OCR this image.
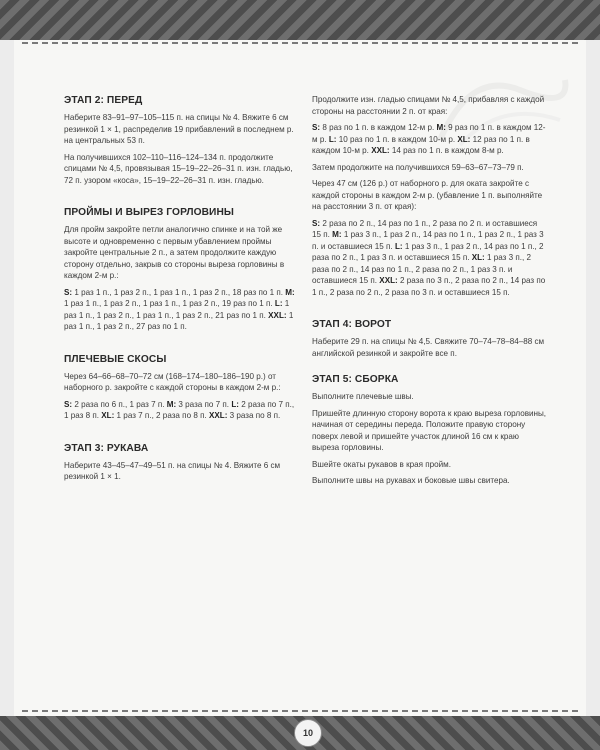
ЭТАП 2: ПЕРЕД

Наберите 83–91–97–105–115 п. на спицы № 4. Вяжите 6 см резинкой 1 × 1, распределив 19 прибавлений в последнем р. на центральных 53 п.

На получившихся 102–110–116–124–134 п. продолжите спицами № 4,5, провязывая 15–19–22–26–31 п. изн. гладью, 72 п. узором «коса», 15–19–22–26–31 п. изн. гладью.

ПРОЙМЫ И ВЫРЕЗ ГОРЛОВИНЫ

Для пройм закройте петли аналогично спинке и на той же высоте и одновременно с первым убавлением проймы закройте центральные 2 п., а затем продолжите каждую сторону отдельно, закрыв со стороны выреза горловины в каждом 2-м р.:

S: 1 раз 1 п., 1 раз 2 п., 1 раз 1 п., 1 раз 2 п., 18 раз по 1 п. M: 1 раз 1 п., 1 раз 2 п., 1 раз 1 п., 1 раз 2 п., 19 раз по 1 п. L: 1 раз 1 п., 1 раз 2 п., 1 раз 1 п., 1 раз 2 п., 21 раз по 1 п. XXL: 1 раз 1 п., 1 раз 2 п., 27 раз по 1 п.

ПЛЕЧЕВЫЕ СКОСЫ

Через 64–66–68–70–72 см (168–174–180–186–190 р.) от наборного р. закройте с каждой стороны в каждом 2-м р.:

S: 2 раза по 6 п., 1 раз 7 п. M: 3 раза по 7 п. L: 2 раза по 7 п., 1 раз 8 п. XL: 1 раз 7 п., 2 раза по 8 п. XXL: 3 раза по 8 п.

ЭТАП 3: РУКАВА

Наберите 43–45–47–49–51 п. на спицы № 4. Вяжите 6 см резинкой 1 × 1.

Продолжите изн. гладью спицами № 4,5, прибавляя с каждой стороны на расстоянии 2 п. от края:

S: 8 раз по 1 п. в каждом 12-м р. M: 9 раз по 1 п. в каждом 12-м р. L: 10 раз по 1 п. в каждом 10-м р. XL: 12 раз по 1 п. в каждом 10-м р. XXL: 14 раз по 1 п. в каждом 8-м р.

Затем продолжите на получившихся 59–63–67–73–79 п.

Через 47 см (126 р.) от наборного р. для оката закройте с каждой стороны в каждом 2-м р. (убавление 1 п. выполняйте на расстоянии 3 п. от края):

S: 2 раза по 2 п., 14 раз по 1 п., 2 раза по 2 п. и оставшиеся 15 п. M: 1 раз 3 п., 1 раз 2 п., 14 раз по 1 п., 1 раз 2 п., 1 раз 3 п. и оставшиеся 15 п. L: 1 раз 3 п., 1 раз 2 п., 14 раз по 1 п., 2 раза по 2 п., 1 раз 3 п. и оставшиеся 15 п. XL: 1 раз 3 п., 2 раза по 2 п., 14 раз по 1 п., 2 раза по 2 п., 1 раз 3 п. и оставшиеся 15 п. XXL: 2 раза по 3 п., 2 раза по 2 п., 14 раз по 1 п., 2 раза по 2 п., 2 раза по 3 п. и оставшиеся 15 п.

ЭТАП 4: ВОРОТ

Наберите 29 п. на спицы № 4,5. Свяжите 70–74–78–84–88 см английской резинкой и закройте все п.

ЭТАП 5: СБОРКА

Выполните плечевые швы.

Пришейте длинную сторону ворота к краю выреза горловины, начиная от середины переда. Положите правую сторону поверх левой и пришейте участок длиной 16 см к краю выреза горловины.

Вшейте окаты рукавов в края пройм.

Выполните швы на рукавах и боковые швы свитера.

10
